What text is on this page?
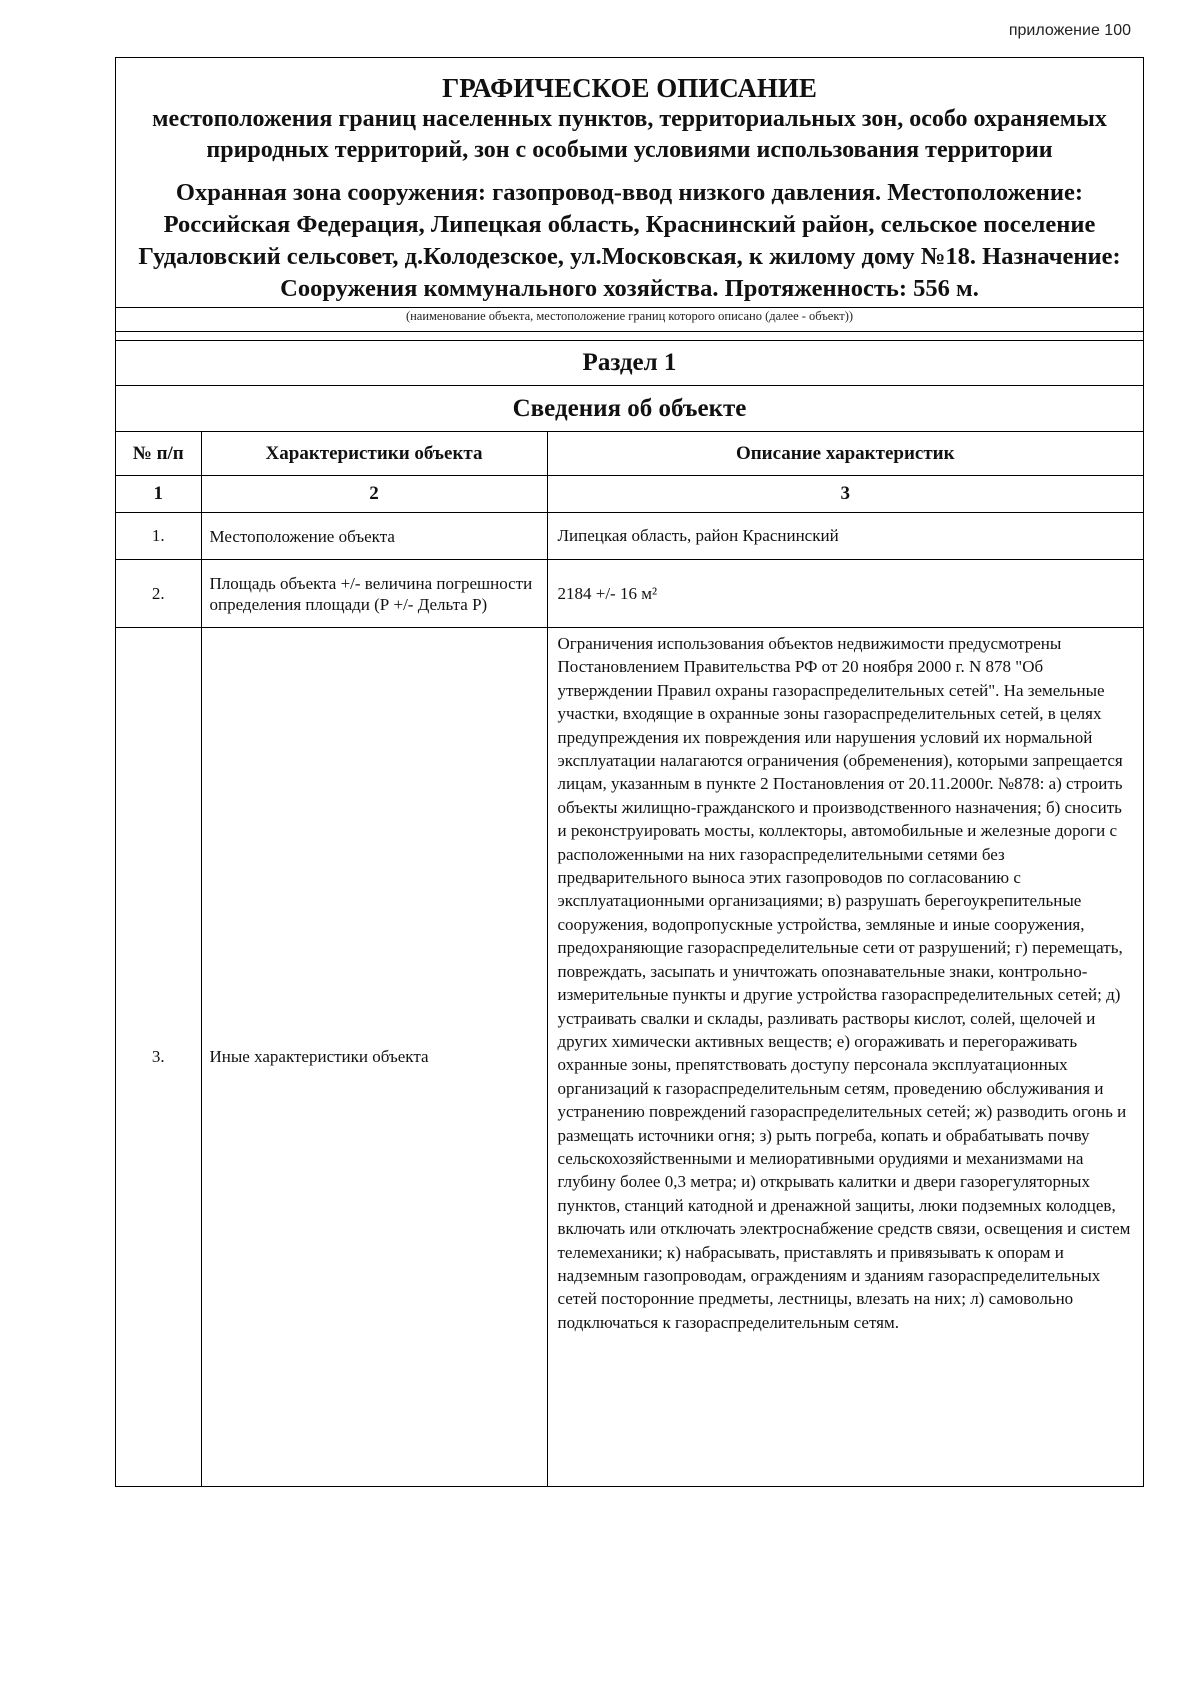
приложение 100
ГРАФИЧЕСКОЕ ОПИСАНИЕ
местоположения границ населенных пунктов, территориальных зон, особо охраняемых природных территорий, зон с особыми условиями использования территории
Охранная зона сооружения: газопровод-ввод низкого давления. Местоположение: Российская Федерация, Липецкая область, Краснинский район, сельское поселение Гудаловский сельсовет, д.Колодезское, ул.Московская, к жилому дому №18. Назначение: Сооружения коммунального хозяйства. Протяженность: 556 м.
(наименование объекта, местоположение границ которого описано (далее - объект))
Раздел 1
Сведения об объекте
№ п/п	Характеристики объекта	Описание характеристик
1	2	3
1.	Местоположение объекта	Липецкая область, район Краснинский
2.	Площадь объекта +/- величина погрешности определения площади (Р +/- Дельта Р)	2184 +/- 16 м²
3.	Иные характеристики объекта	Ограничения использования объектов недвижимости предусмотрены Постановлением Правительства РФ от 20 ноября 2000 г. N 878 "Об утверждении Правил охраны газораспределительных сетей". На земельные участки, входящие в охранные зоны газораспределительных сетей, в целях предупреждения их повреждения или нарушения условий их нормальной эксплуатации налагаются ограничения (обременения), которыми запрещается лицам, указанным в пункте 2 Постановления от 20.11.2000г. №878: а) строить объекты жилищно-гражданского и производственного назначения; б) сносить и реконструировать мосты, коллекторы, автомобильные и железные дороги с расположенными на них газораспределительными сетями без предварительного выноса этих газопроводов по согласованию с эксплуатационными организациями; в) разрушать берегоукрепительные сооружения, водопропускные устройства, земляные и иные сооружения, предохраняющие газораспределительные сети от разрушений; г) перемещать, повреждать, засыпать и уничтожать опознавательные знаки, контрольно-измерительные пункты и другие устройства газораспределительных сетей; д) устраивать свалки и склады, разливать растворы кислот, солей, щелочей и других химически активных веществ; е) огораживать и перегораживать охранные зоны, препятствовать доступу персонала эксплуатационных организаций к газораспределительным сетям, проведению обслуживания и устранению повреждений газораспределительных сетей; ж) разводить огонь и размещать источники огня; з) рыть погреба, копать и обрабатывать почву сельскохозяйственными и мелиоративными орудиями и механизмами на глубину более 0,3 метра; и) открывать калитки и двери газорегуляторных пунктов, станций катодной и дренажной защиты, люки подземных колодцев, включать или отключать электроснабжение средств связи, освещения и систем телемеханики; к) набрасывать, приставлять и привязывать к опорам и надземным газопроводам, ограждениям и зданиям газораспределительных сетей посторонние предметы, лестницы, влезать на них; л) самовольно подключаться к газораспределительным сетям.
